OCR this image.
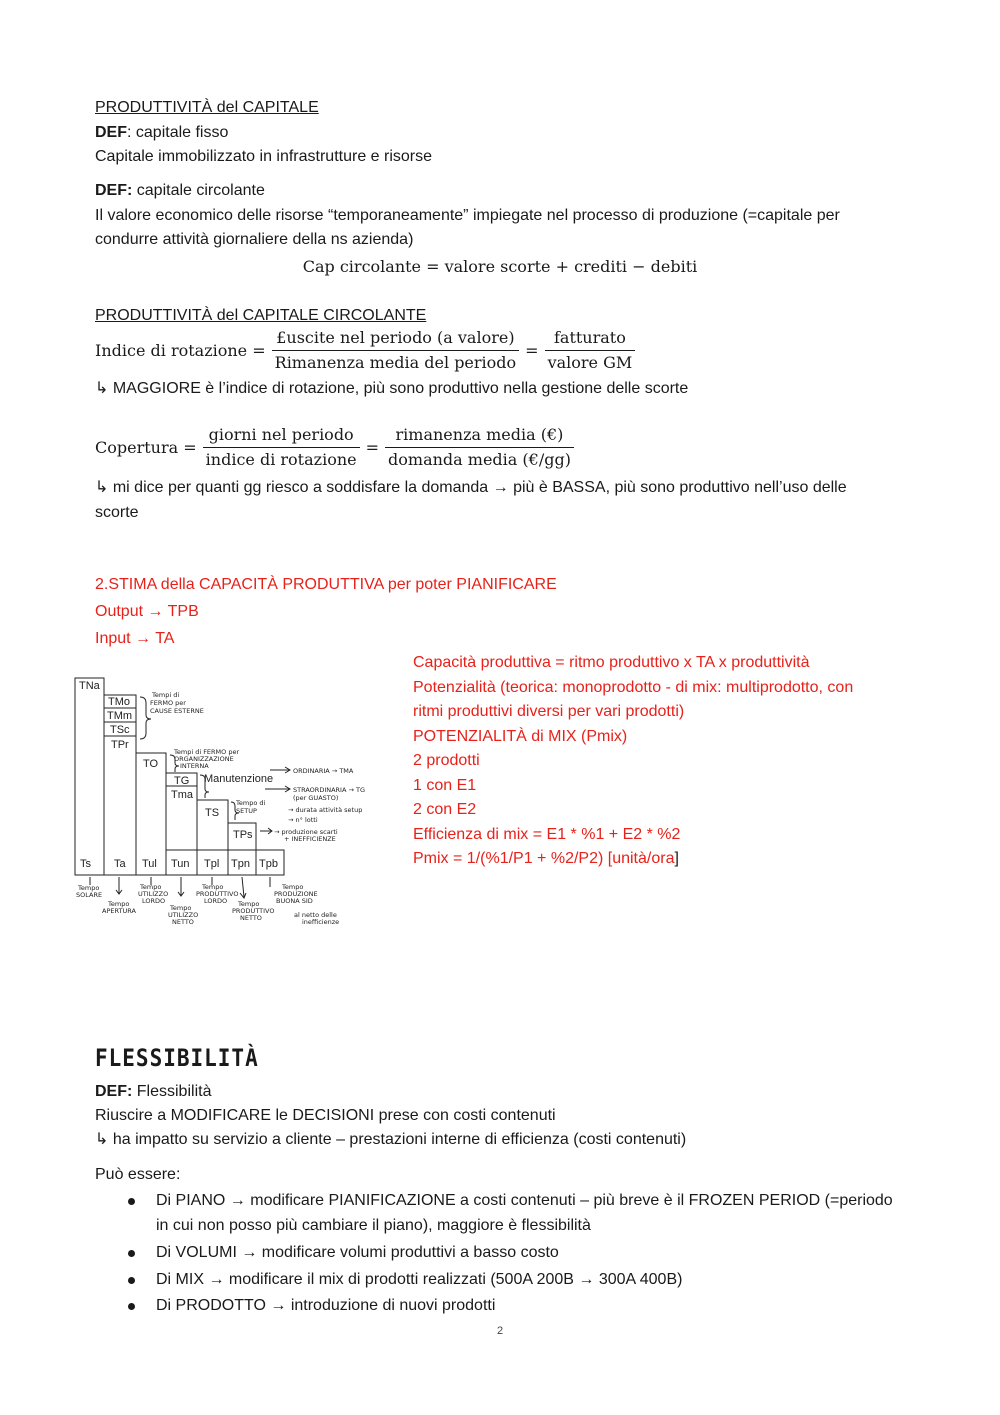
PRODUTTIVITÀ del CAPITALE
DEF: capitale fisso
Capitale immobilizzato in infrastrutture e risorse
DEF: capitale circolante
Il valore economico delle risorse “temporaneamente” impiegate nel processo di produzione (=capitale per
condurre attività giornaliere della ns azienda)
Cap circolante = valore scorte + crediti − debiti
PRODUTTIVITÀ del CAPITALE CIRCOLANTE
Indice di rotazione = $\frac{\text{£uscite nel periodo (a valore)}}{\text{Rimanenza media del periodo}} = \frac{\text{fatturato}}{\text{valore GM}}$
↳ MAGGIORE è l’indice di rotazione, più sono produttivo nella gestione delle scorte
Copertura = $\frac{\text{giorni nel periodo}}{\text{indice di rotazione}} = \frac{\text{rimanenza media (€)}}{\text{domanda media (€/gg)}}$
↳ mi dice per quanti gg riesco a soddisfare la domanda → più è BASSA, più sono produttivo nell’uso delle
scorte
2.STIMA della CAPACITÀ PRODUTTIVA per poter PIANIFICARE
Output → TPB
Input → TA
Capacità produttiva = ritmo produttivo x TA x produttività
Potenzialità (teorica: monoprodotto - di mix: multiprodotto, con
ritmi produttivi diversi per vari prodotti)
POTENZIALITÀ di MIX (Pmix)
2 prodotti
1 con E1
2 con E2
Efficienza di mix = E1 * %1 + E2 * %2
Pmix = 1/(%1/P1 + %2/P2) [unità/ora]
TNa
TMo
TMm
TSc
TPr
TO
TG
Tma
TS
TPs
Ts Ta Tul Tun Tpl Tpn Tpb
Tempi di
FERMO per
CAUSE ESTERNE
Tempi di FERMO per
ORGANIZZAZIONE
INTERNA
Manutenzione
ORDINARIA → TMA
STRAORDINARIA → TG
(per GUASTO)
Tempo di
SETUP	→ durata attività setup
→ n° lotti
→ produzione scarti
+ INEFFICIENZE
Tempo
SOLARE
Tempo
APERTURA
Tempo
UTILIZZO
LORDO
Tempo
UTILIZZO
NETTO
Tempo
PRODUTTIVO
LORDO Tempo
PRODUTTIVO
NETTO
Tempo
PRODUZIONE
BUONA SID
al netto delle
inefficienze
FLESSIBILITÀ
DEF: Flessibilità
Riuscire a MODIFICARE le DECISIONI prese con costi contenuti
↳ ha impatto su servizio a cliente – prestazioni interne di efficienza (costi contenuti)
Può essere:
Di PIANO → modificare PIANIFICAZIONE a costi contenuti – più breve è il FROZEN PERIOD (=periodo
in cui non posso più cambiare il piano), maggiore è flessibilità
Di VOLUMI → modificare volumi produttivi a basso costo
Di MIX → modificare il mix di prodotti realizzati (500A 200B → 300A 400B)
Di PRODOTTO → introduzione di nuovi prodotti
2
